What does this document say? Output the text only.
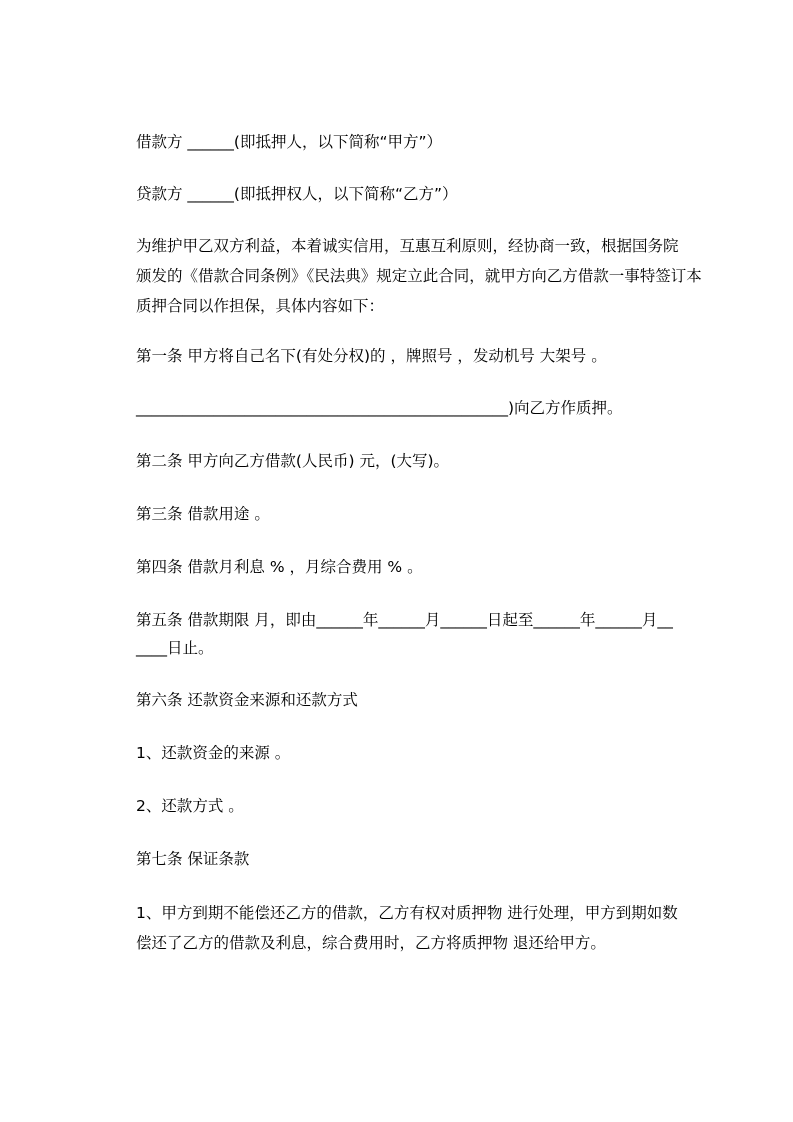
借款方 ______(即抵押人，以下简称“甲方”）
贷款方 ______(即抵押权人，以下简称“乙方”）
为维护甲乙双方利益，本着诚实信用，互惠互利原则，经协商一致，根据国务院
颁发的《借款合同条例》《民法典》规定立此合同，就甲方向乙方借款一事特签订本
质押合同以作担保，具体内容如下：
第一条 甲方将自己名下(有处分权)的 ，牌照号 ，发动机号 大架号 。
________________________________________________)向乙方作质押。
第二条 甲方向乙方借款(人民币) 元，(大写)。
第三条 借款用途 。
第四条 借款月利息 % ，月综合费用 % 。
第五条 借款期限 月，即由______年______月______日起至______年______月__
____日止。
第六条 还款资金来源和还款方式
1、还款资金的来源 。
2、还款方式 。
第七条 保证条款
1、甲方到期不能偿还乙方的借款，乙方有权对质押物 进行处理，甲方到期如数
偿还了乙方的借款及利息，综合费用时，乙方将质押物 退还给甲方。
